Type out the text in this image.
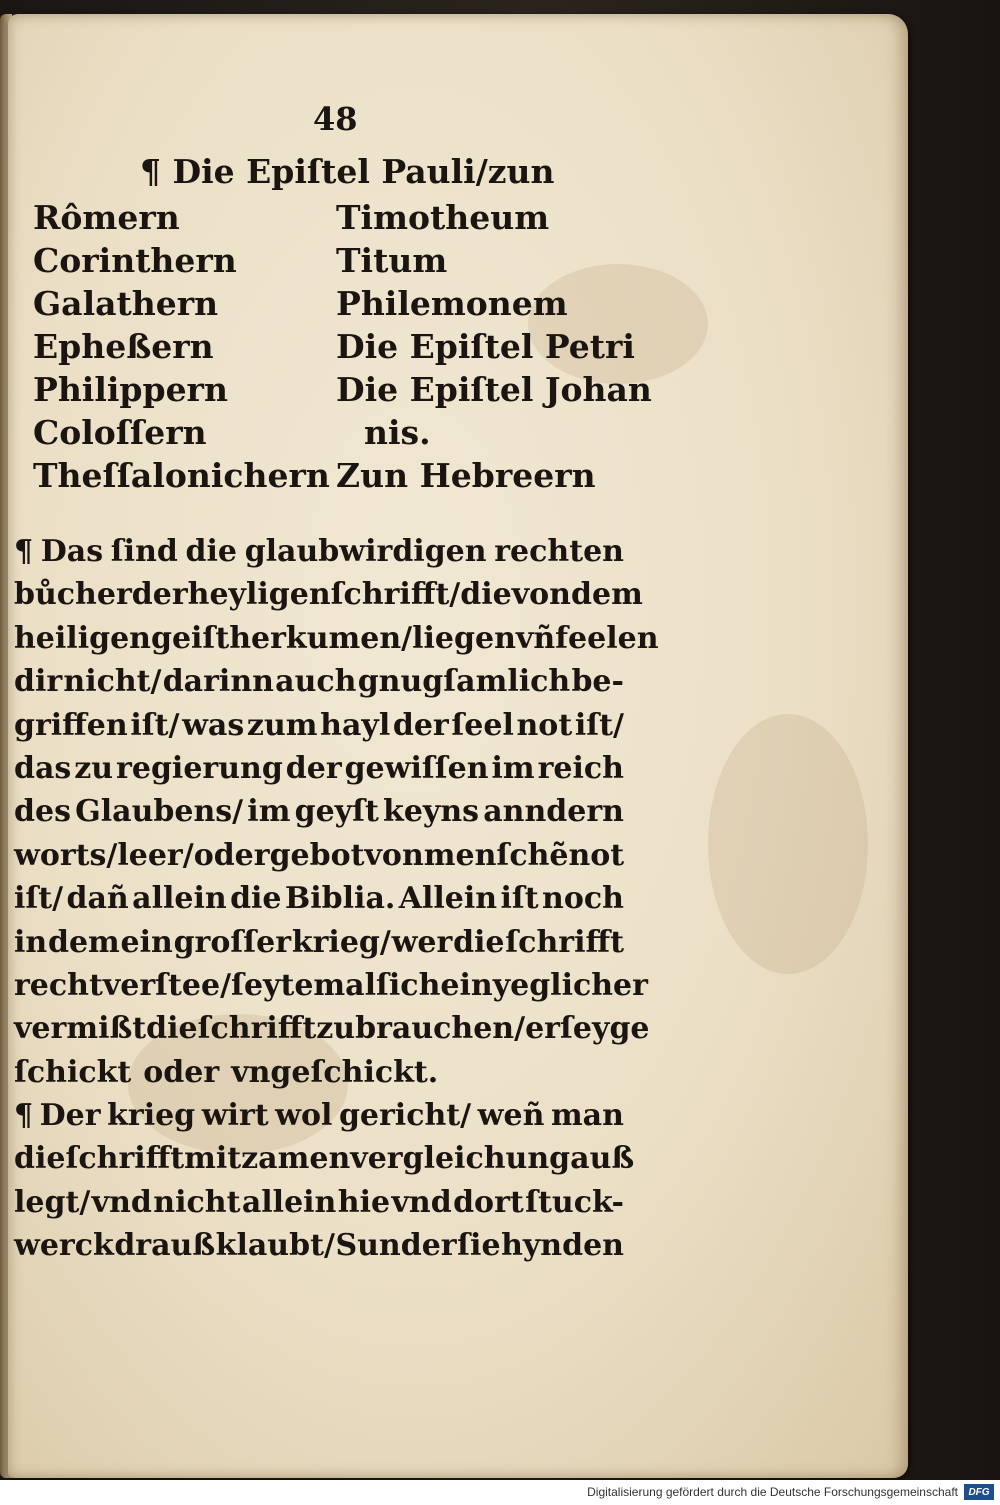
48
¶ Die Epiſtel Pauli/zun
Rômern
Corinthern
Galathern
Epheßern
Philippern
Coloſſern
Theſſalonichern
Timotheum
Titum
Philemonem
Die Epiſtel Petri
Die Epiſtel Johan
nis.
Zun Hebreern
¶ Das ſind die glaubwirdigen rechten
bůcher der heyligen ſchrifft/ die von dem
heiligen geiſt her kumen/ liegen vñ feelen
dir nicht/ darinn auch gnugſamlich be-
griffen iſt/ was zum hayl der ſeel not iſt/
das zu regierung der gewiſſen im reich
des Glaubens/ im geyſt keyns anndern
worts/leer/ oder gebot von menſchẽ not
iſt/ dañ allein die Biblia. Allein iſt noch
in dem ein groſſer krieg/ wer die ſchrifft
recht verſtee/ ſeytemal ſich ein yeglicher
vermißt die ſchrifft zubrauchen/ er ſey ge
ſchickt oder vngeſchickt.
¶ Der krieg wirt wol gericht/ weñ man
die ſchrifft mit zamen vergleichung auß
legt/ vnd nicht allein hie vnd dort ſtuck-
werck drauß klaubt/ Sunder ſie hynden
Digitalisierung gefördert durch die Deutsche Forschungsgemeinschaft	DFG
